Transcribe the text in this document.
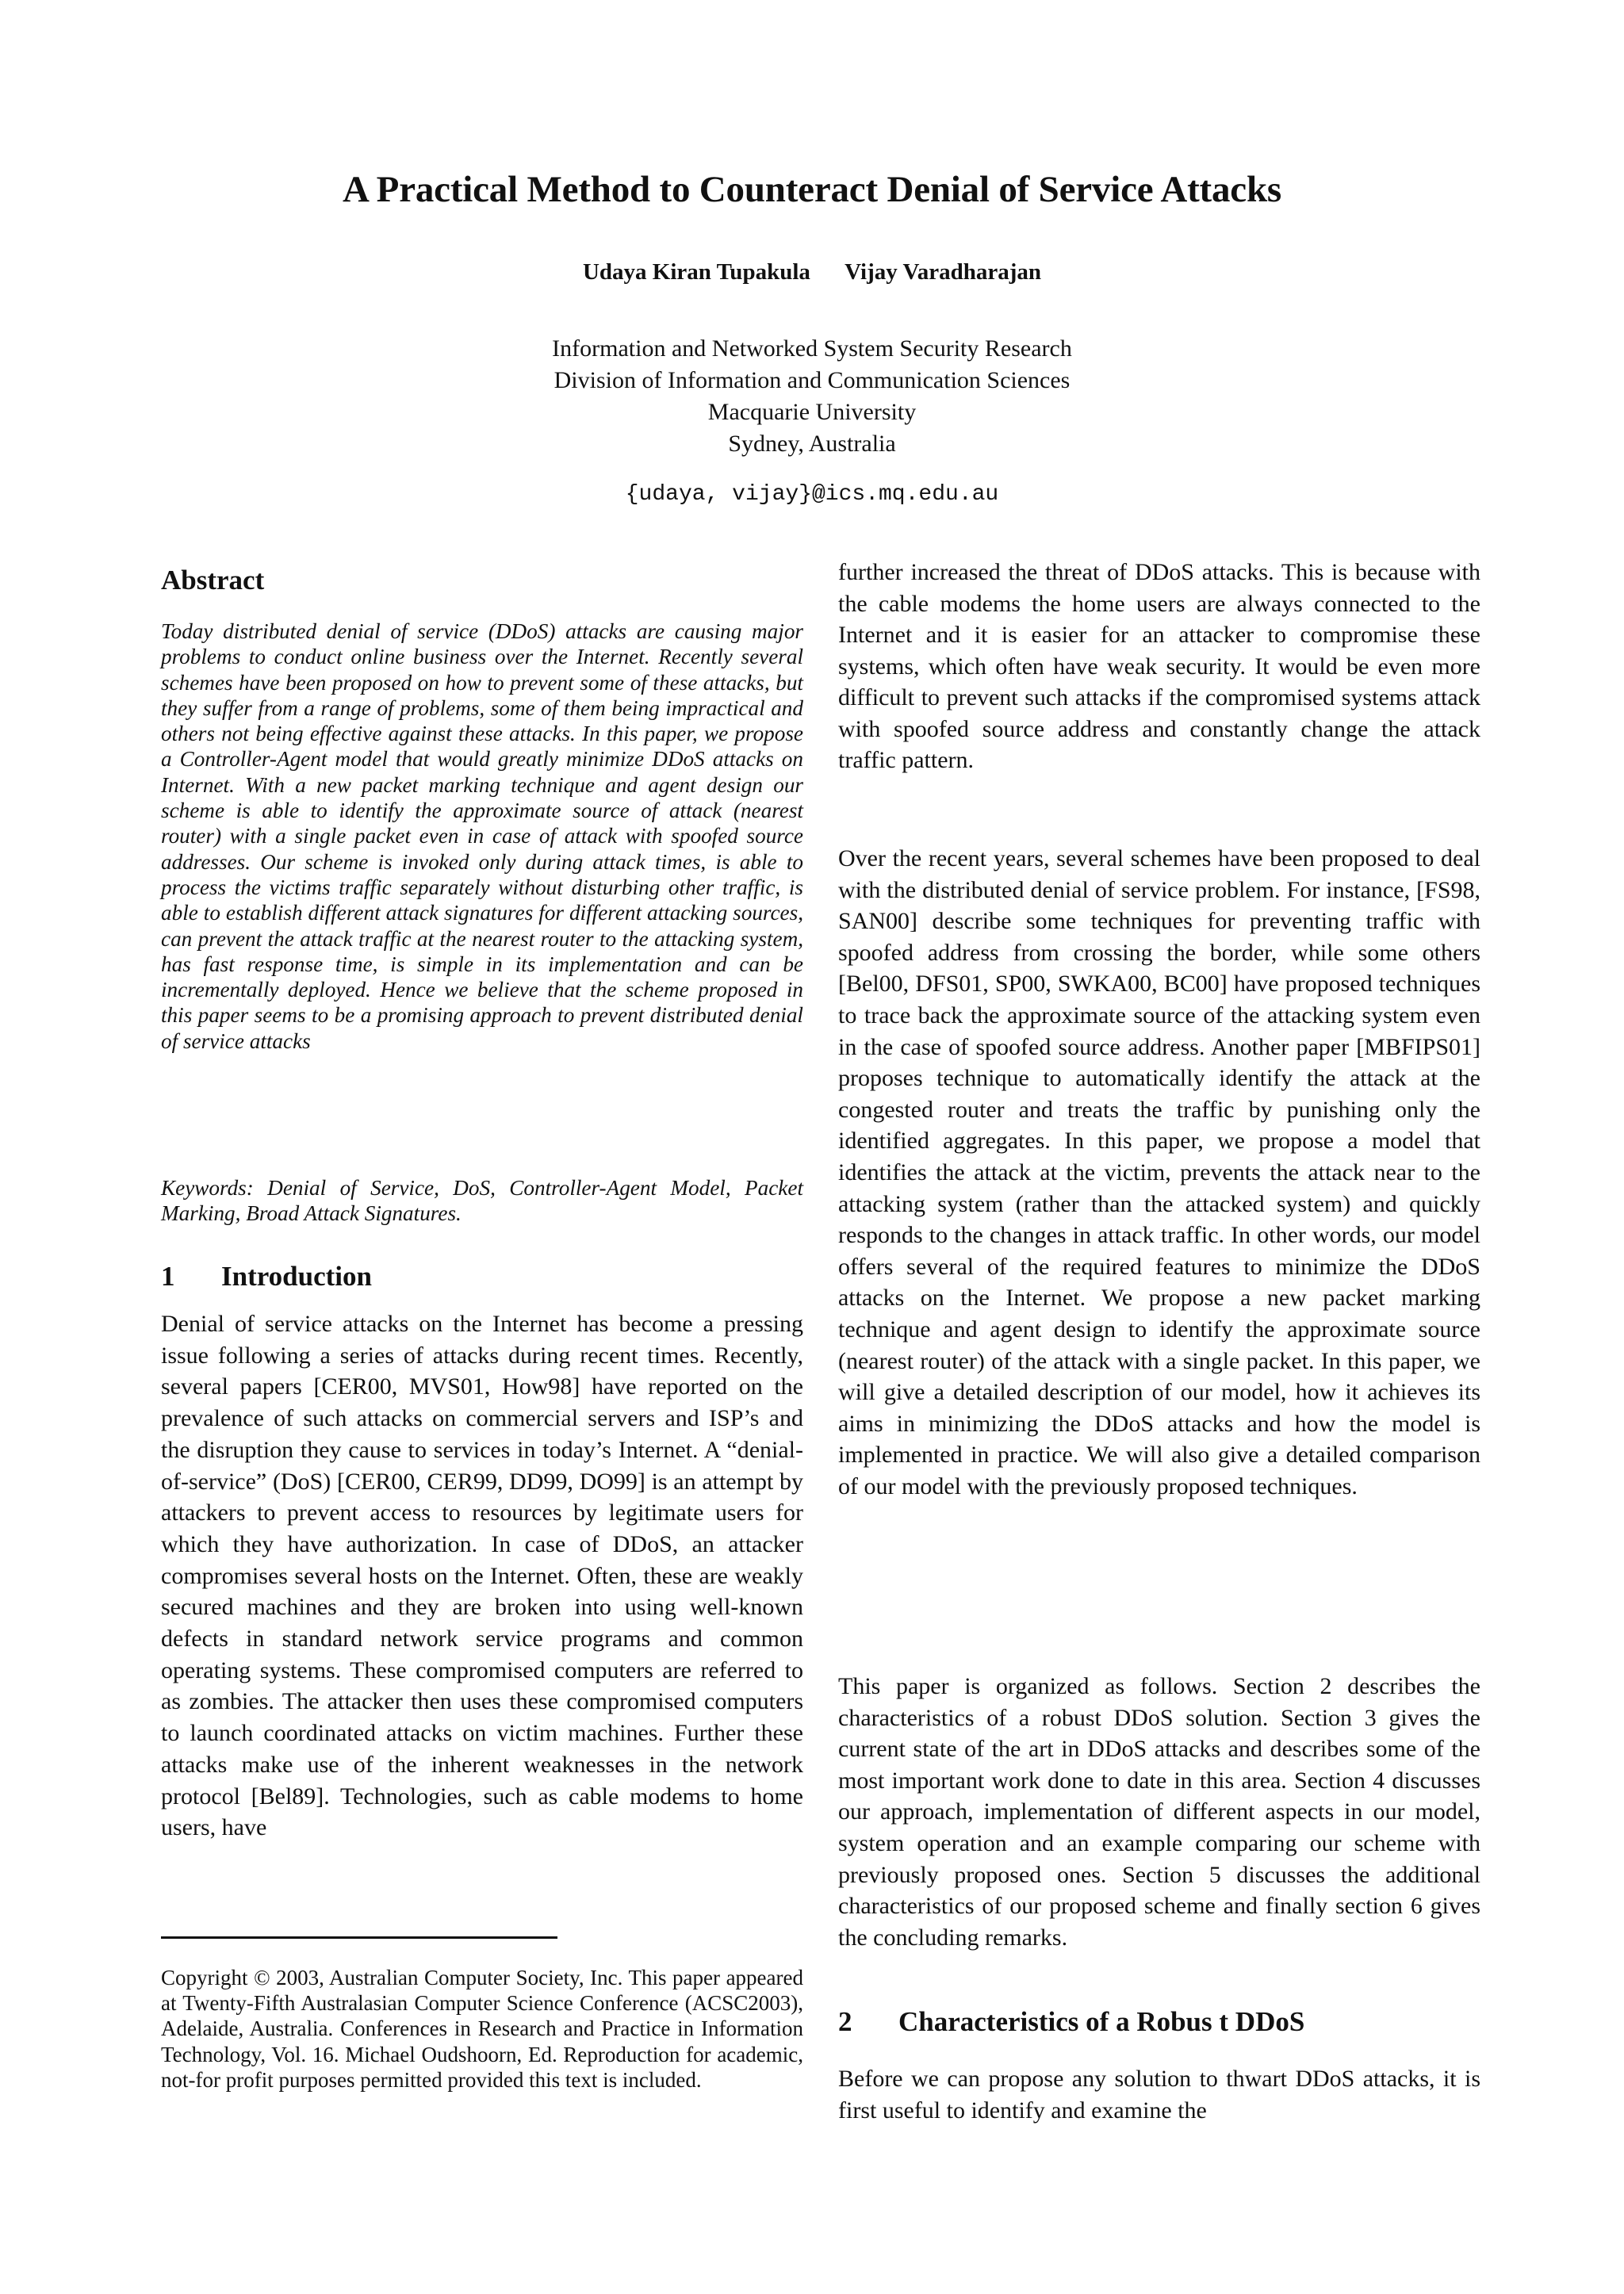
A Practical Method to Counteract Denial of Service Attacks
Udaya Kiran Tupakula Vijay Varadharajan
Information and Networked System Security Research
Division of Information and Communication Sciences
Macquarie University
Sydney, Australia
{udaya, vijay}@ics.mq.edu.au
Abstract
Today distributed denial of service (DDoS) attacks are causing major problems to conduct online business over the Internet. Recently several schemes have been proposed on how to prevent some of these attacks, but they suffer from a range of problems, some of them being impractical and others not being effective against these attacks. In this paper, we propose a Controller-Agent model that would greatly minimize DDoS attacks on Internet. With a new packet marking technique and agent design our scheme is able to identify the approximate source of attack (nearest router) with a single packet even in case of attack with spoofed source addresses. Our scheme is invoked only during attack times, is able to process the victims traffic separately without disturbing other traffic, is able to establish different attack signatures for different attacking sources, can prevent the attack traffic at the nearest router to the attacking system, has fast response time, is simple in its implementation and can be incrementally deployed. Hence we believe that the scheme proposed in this paper seems to be a promising approach to prevent distributed denial of service attacks
Keywords: Denial of Service, DoS, Controller-Agent Model, Packet Marking, Broad Attack Signatures.
1 Introduction
Denial of service attacks on the Internet has become a pressing issue following a series of attacks during recent times. Recently, several papers [CER00, MVS01, How98] have reported on the prevalence of such attacks on commercial servers and ISP’s and the disruption they cause to services in today’s Internet. A “denial-of-service” (DoS) [CER00, CER99, DD99, DO99] is an attempt by attackers to prevent access to resources by legitimate users for which they have authorization. In case of DDoS, an attacker compromises several hosts on the Internet. Often, these are weakly secured machines and they are broken into using well-known defects in standard network service programs and common operating systems. These compromised computers are referred to as zombies. The attacker then uses these compromised computers to launch coordinated attacks on victim machines. Further these attacks make use of the inherent weaknesses in the network protocol [Bel89]. Technologies, such as cable modems to home users, have
Copyright © 2003, Australian Computer Society, Inc. This paper appeared at Twenty-Fifth Australasian Computer Science Conference (ACSC2003), Adelaide, Australia. Conferences in Research and Practice in Information Technology, Vol. 16. Michael Oudshoorn, Ed. Reproduction for academic, not-for profit purposes permitted provided this text is included.
further increased the threat of DDoS attacks. This is because with the cable modems the home users are always connected to the Internet and it is easier for an attacker to compromise these systems, which often have weak security. It would be even more difficult to prevent such attacks if the compromised systems attack with spoofed source address and constantly change the attack traffic pattern.
Over the recent years, several schemes have been proposed to deal with the distributed denial of service problem. For instance, [FS98, SAN00] describe some techniques for preventing traffic with spoofed address from crossing the border, while some others [Bel00, DFS01, SP00, SWKA00, BC00] have proposed techniques to trace back the approximate source of the attacking system even in the case of spoofed source address. Another paper [MBFIPS01] proposes technique to automatically identify the attack at the congested router and treats the traffic by punishing only the identified aggregates. In this paper, we propose a model that identifies the attack at the victim, prevents the attack near to the attacking system (rather than the attacked system) and quickly responds to the changes in attack traffic. In other words, our model offers several of the required features to minimize the DDoS attacks on the Internet. We propose a new packet marking technique and agent design to identify the approximate source (nearest router) of the attack with a single packet. In this paper, we will give a detailed description of our model, how it achieves its aims in minimizing the DDoS attacks and how the model is implemented in practice. We will also give a detailed comparison of our model with the previously proposed techniques.
This paper is organized as follows. Section 2 describes the characteristics of a robust DDoS solution. Section 3 gives the current state of the art in DDoS attacks and describes some of the most important work done to date in this area. Section 4 discusses our approach, implementation of different aspects in our model, system operation and an example comparing our scheme with previously proposed ones. Section 5 discusses the additional characteristics of our proposed scheme and finally section 6 gives the concluding remarks.
2 Characteristics of a Robus t DDoS
Before we can propose any solution to thwart DDoS attacks, it is first useful to identify and examine the
